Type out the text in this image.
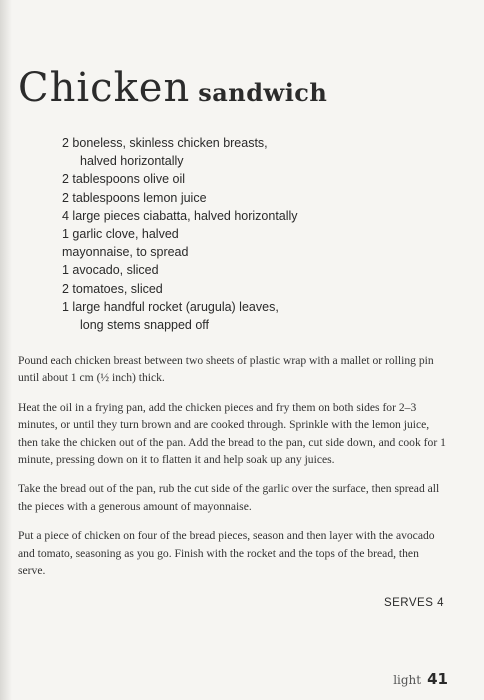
Chicken sandwich
2 boneless, skinless chicken breasts,
halved horizontally
2 tablespoons olive oil
2 tablespoons lemon juice
4 large pieces ciabatta, halved horizontally
1 garlic clove, halved
mayonnaise, to spread
1 avocado, sliced
2 tomatoes, sliced
1 large handful rocket (arugula) leaves,
long stems snapped off

Pound each chicken breast between two sheets of plastic wrap with a mallet or rolling pin until about 1 cm (½ inch) thick.

Heat the oil in a frying pan, add the chicken pieces and fry them on both sides for 2–3 minutes, or until they turn brown and are cooked through. Sprinkle with the lemon juice, then take the chicken out of the pan. Add the bread to the pan, cut side down, and cook for 1 minute, pressing down on it to flatten it and help soak up any juices.

Take the bread out of the pan, rub the cut side of the garlic over the surface, then spread all the pieces with a generous amount of mayonnaise.

Put a piece of chicken on four of the bread pieces, season and then layer with the avocado and tomato, seasoning as you go. Finish with the rocket and the tops of the bread, then serve.

SERVES 4
light 41
